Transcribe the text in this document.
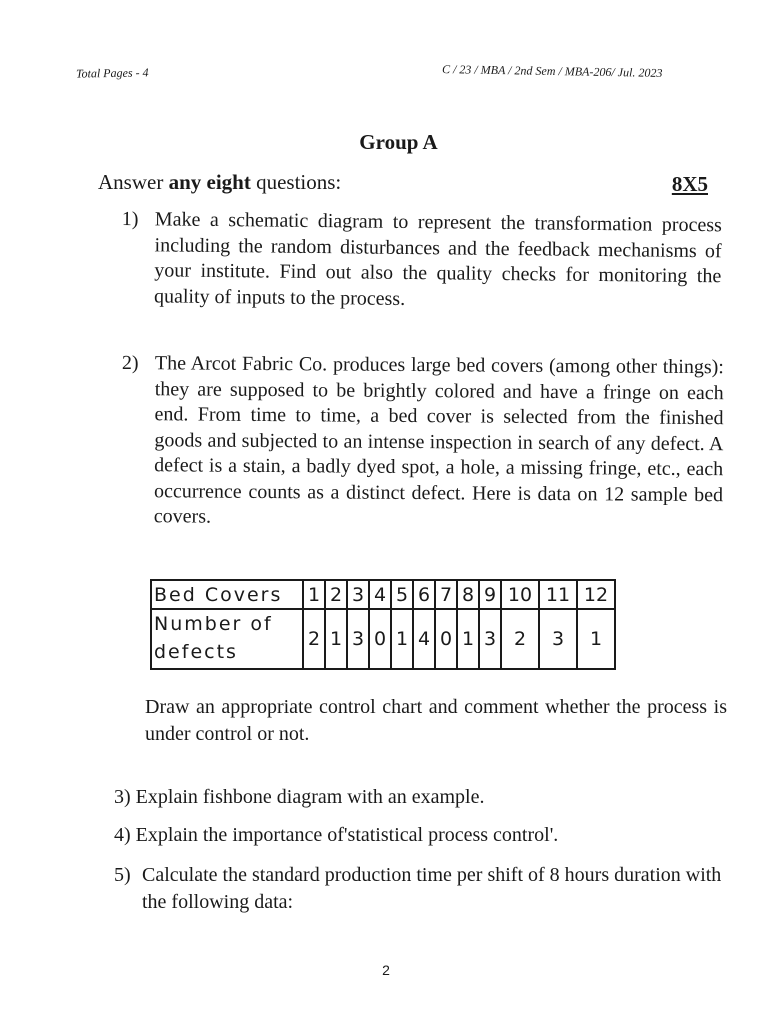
Total Pages - 4	C / 23 / MBA / 2nd Sem / MBA-206/ Jul. 2023
Group A
Answer any eight questions:	8X5
1) Make a schematic diagram to represent the transformation process including the random disturbances and the feedback mechanisms of your institute. Find out also the quality checks for monitoring the quality of inputs to the process.
2) The Arcot Fabric Co. produces large bed covers (among other things): they are supposed to be brightly colored and have a fringe on each end. From time to time, a bed cover is selected from the finished goods and subjected to an intense inspection in search of any defect. A defect is a stain, a badly dyed spot, a hole, a missing fringe, etc., each occurrence counts as a distinct defect. Here is data on 12 sample bed covers.
Bed Covers	1	2	3	4	5	6	7	8	9	10	11	12
Number of defects	2	1	3	0	1	4	0	1	3	2	3	1
Draw an appropriate control chart and comment whether the process is under control or not.
3) Explain fishbone diagram with an example.
4) Explain the importance of'statistical process control'.
5) Calculate the standard production time per shift of 8 hours duration with the following data:
2
